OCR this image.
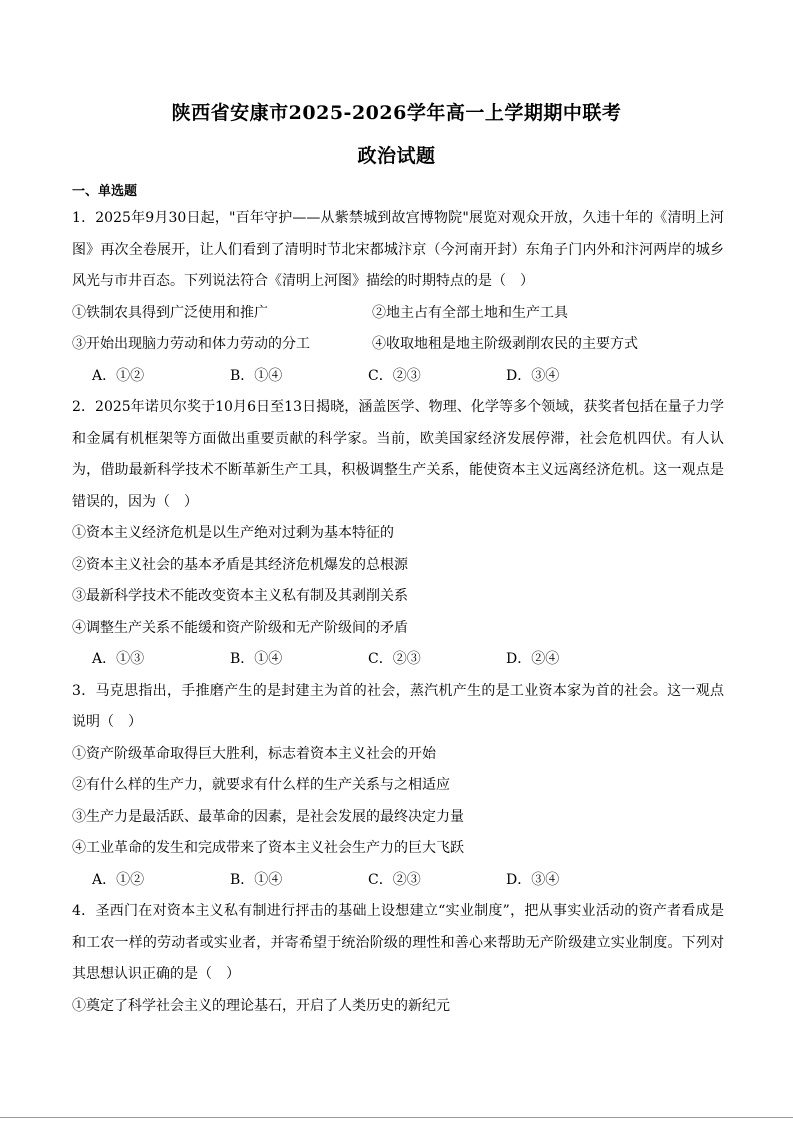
陕西省安康市2025-2026学年高一上学期期中联考
政治试题
一、单选题
1．2025年9月30日起，"百年守护——从紫禁城到故宫博物院"展览对观众开放，久违十年的《清明上河图》再次全卷展开，让人们看到了清明时节北宋都城汴京（今河南开封）东角子门内外和汴河两岸的城乡风光与市井百态。下列说法符合《清明上河图》描绘的时期特点的是（　）
①铁制农具得到广泛使用和推广	②地主占有全部土地和生产工具
③开始出现脑力劳动和体力劳动的分工	④收取地租是地主阶级剥削农民的主要方式
A．①②	B．①④	C．②③	D．③④
2．2025年诺贝尔奖于10月6日至13日揭晓，涵盖医学、物理、化学等多个领域，获奖者包括在量子力学和金属有机框架等方面做出重要贡献的科学家。当前，欧美国家经济发展停滞，社会危机四伏。有人认为，借助最新科学技术不断革新生产工具，积极调整生产关系，能使资本主义远离经济危机。这一观点是错误的，因为（　）
①资本主义经济危机是以生产绝对过剩为基本特征的
②资本主义社会的基本矛盾是其经济危机爆发的总根源
③最新科学技术不能改变资本主义私有制及其剥削关系
④调整生产关系不能缓和资产阶级和无产阶级间的矛盾
A．①③	B．①④	C．②③	D．②④
3．马克思指出，手推磨产生的是封建主为首的社会，蒸汽机产生的是工业资本家为首的社会。这一观点说明（　）
①资产阶级革命取得巨大胜利，标志着资本主义社会的开始
②有什么样的生产力，就要求有什么样的生产关系与之相适应
③生产力是最活跃、最革命的因素，是社会发展的最终决定力量
④工业革命的发生和完成带来了资本主义社会生产力的巨大飞跃
A．①②	B．①④	C．②③	D．③④
4．圣西门在对资本主义私有制进行抨击的基础上设想建立“实业制度”，把从事实业活动的资产者看成是和工农一样的劳动者或实业者，并寄希望于统治阶级的理性和善心来帮助无产阶级建立实业制度。下列对其思想认识正确的是（　）
①奠定了科学社会主义的理论基石，开启了人类历史的新纪元
